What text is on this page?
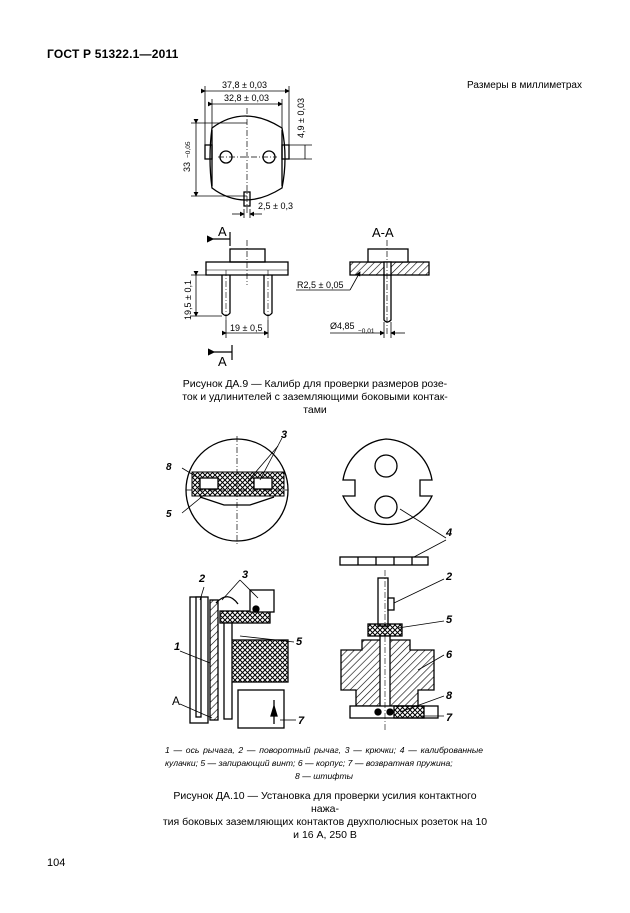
ГОСТ Р 51322.1—2011
Размеры в миллиметрах
37,8 ± 0,03
32,8 ± 0,03
4,9 ± 0,03
33
−0,05
2,5 ± 0,3
А
А
19,5 ± 0,1
19 ± 0,5
А-А
R2,5 ± 0,05
Ø4,85
−0,01
Рисунок ДА.9 — Калибр для проверки размеров розе-
ток и удлинителей с заземляющими боковыми контак-
тами
8
5
3
4
2	3
5
1
А
7
2
5
6
8
7
1 — ось рычага, 2 — поворотный рычаг, 3 — крючки; 4 — калиброванные кулачки; 5 — запирающий винт; 6 — корпус; 7 — возвратная пружина;
8 — штифты
Рисунок ДА.10 — Установка для проверки усилия контактного нажа-
тия боковых заземляющих контактов двухполюсных розеток на 10
и 16 А, 250 В
104
